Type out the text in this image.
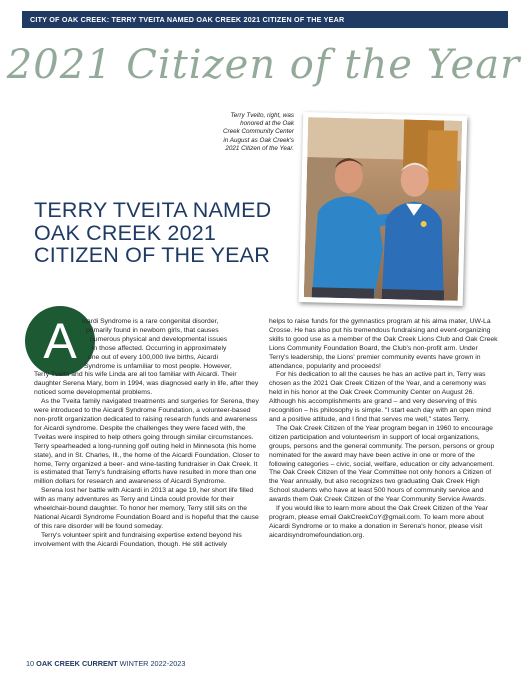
CITY OF OAK CREEK: TERRY TVEITA NAMED OAK CREEK 2021 CITIZEN OF THE YEAR
2021 Citizen of the Year
Terry Tveito, right, was honored at the Oak Creek Community Center in August as Oak Creek's 2021 Citizen of the Year.
TERRY TVEITA NAMED
OAK CREEK 2021
CITIZEN OF THE YEAR
A icardi Syndrome is a rare congenital disorder,
primarily found in newborn girls, that causes
numerous physical and developmental issues
in those affected. Occurring in approximately
one out of every 100,000 live births, Aicardi
Syndrome is unfamiliar to most people. However,

Terry Tveita and his wife Linda are all too familiar with Aicardi. Their daughter Serena Mary, born in 1994, was diagnosed early in life, after they noticed some developmental problems.

As the Tveita family navigated treatments and surgeries for Serena, they were introduced to the Aicardi Syndrome Foundation, a volunteer-based non-profit organization dedicated to raising research funds and awareness for Aicardi syndrome. Despite the challenges they were faced with, the Tveitas were inspired to help others going through similar circumstances. Terry spearheaded a long-running golf outing held in Minnesota (his home state), and in St. Charles, Ill., the home of the Aicardi Foundation. Closer to home, Terry organized a beer- and wine-tasting fundraiser in Oak Creek. It is estimated that Terry's fundraising efforts have resulted in more than one million dollars for research and awareness of Aicardi Syndrome.

Serena lost her battle with Aicardi in 2013 at age 19, her short life filled with as many adventures as Terry and Linda could provide for their wheelchair-bound daughter. To honor her memory, Terry still sits on the National Aicardi Syndrome Foundation Board and is hopeful that the cause of this rare disorder will be found someday.

Terry's volunteer spirit and fundraising expertise extend beyond his involvement with the Aicardi Foundation, though. He still actively

helps to raise funds for the gymnastics program at his alma mater, UW-La Crosse. He has also put his tremendous fundraising and event-organizing skills to good use as a member of the Oak Creek Lions Club and Oak Creek Lions Community Foundation Board, the Club's non-profit arm. Under Terry's leadership, the Lions' premier community events have grown in attendance, popularity and proceeds!

For his dedication to all the causes he has an active part in, Terry was chosen as the 2021 Oak Creek Citizen of the Year, and a ceremony was held in his honor at the Oak Creek Community Center on August 26. Although his accomplishments are grand – and very deserving of this recognition – his philosophy is simple. "I start each day with an open mind and a positive attitude, and I find that serves me well," states Terry.

The Oak Creek Citizen of the Year program began in 1960 to encourage citizen participation and volunteerism in support of local organizations, groups, persons and the general community. The person, persons or group nominated for the award may have been active in one or more of the following categories – civic, social, welfare, education or city advancement. The Oak Creek Citizen of the Year Committee not only honors a Citizen of the Year annually, but also recognizes two graduating Oak Creek High School students who have at least 500 hours of community service and awards them Oak Creek Citizen of the Year Community Service Awards.

If you would like to learn more about the Oak Creek Citizen of the Year program, please email OakCreekCoY@gmail.com. To learn more about Aicardi Syndrome or to make a donation in Serena's honor, please visit aicardisyndromefoundation.org.

10 OAK CREEK CURRENT WINTER 2022-2023
